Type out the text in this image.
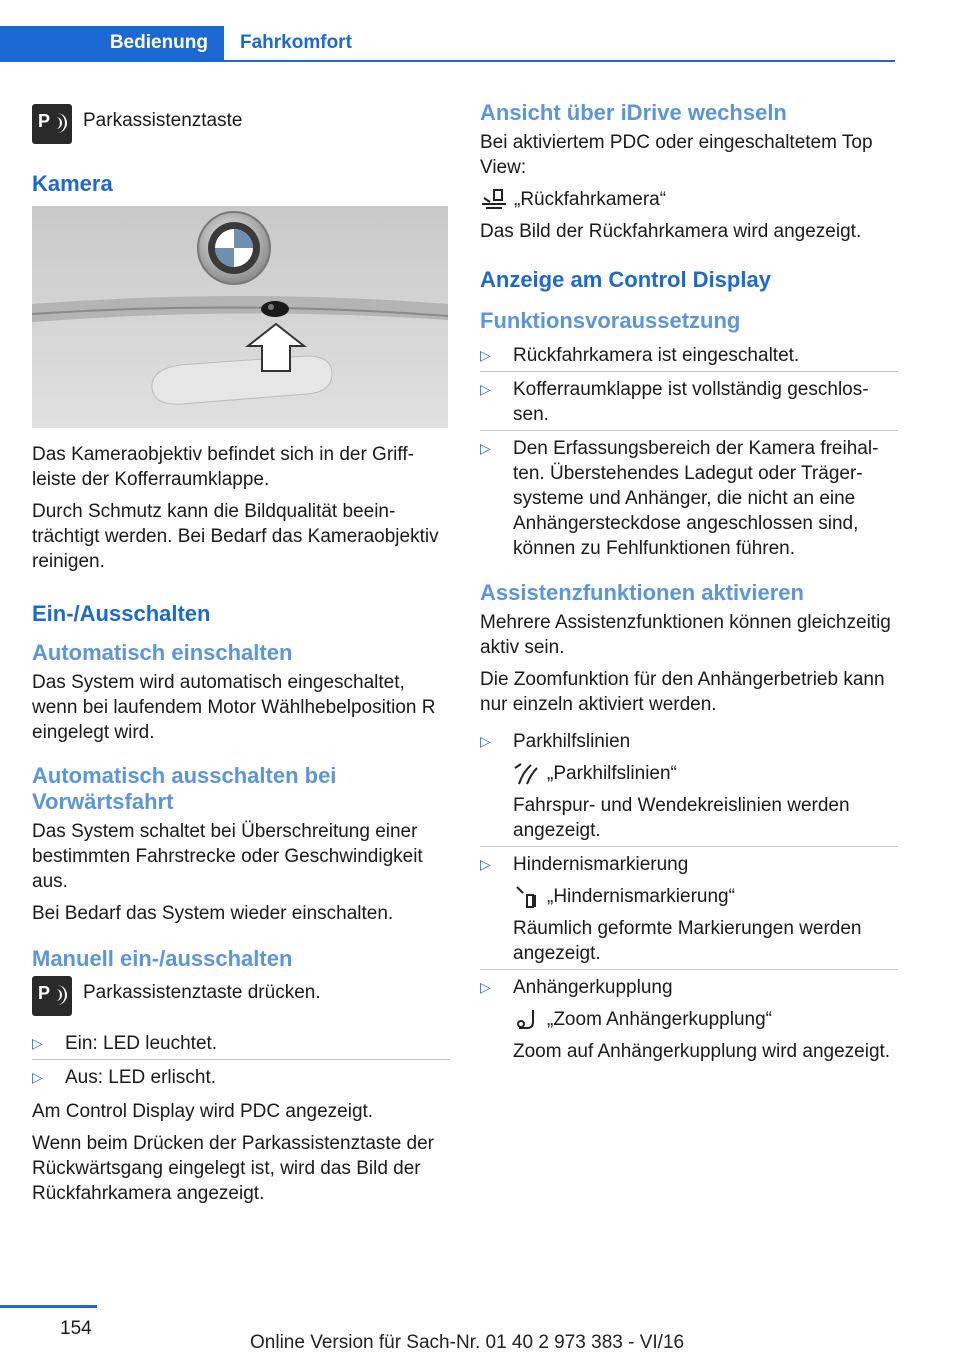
Bedienung	Fahrkomfort
P Parkassistenztaste
Kamera

Das Kameraobjektiv befindet sich in der Griffleiste der Kofferraumklappe.

Durch Schmutz kann die Bildqualität beeinträchtigt werden. Bei Bedarf das Kameraobjektiv reinigen.

Ein-/Ausschalten
Automatisch einschalten

Das System wird automatisch eingeschaltet, wenn bei laufendem Motor Wählhebelposition R eingelegt wird.

Automatisch ausschalten bei Vorwärtsfahrt

Das System schaltet bei Überschreitung einer bestimmten Fahrstrecke oder Geschwindigkeit aus.

Bei Bedarf das System wieder einschalten.

Manuell ein-/ausschalten
P Parkassistenztaste drücken.
▷	Ein: LED leuchtet.
▷	Aus: LED erlischt.

Am Control Display wird PDC angezeigt.

Wenn beim Drücken der Parkassistenztaste der Rückwärtsgang eingelegt ist, wird das Bild der Rückfahrkamera angezeigt.

Ansicht über iDrive wechseln

Bei aktiviertem PDC oder eingeschaltetem Top View:

„Rückfahrkamera“

Das Bild der Rückfahrkamera wird angezeigt.

Anzeige am Control Display
Funktionsvoraussetzung
▷	Rückfahrkamera ist eingeschaltet.
▷	Kofferraumklappe ist vollständig geschlossen.
▷	Den Erfassungsbereich der Kamera freihalten. Überstehendes Ladegut oder Trägersysteme und Anhänger, die nicht an eine Anhängersteckdose angeschlossen sind, können zu Fehlfunktionen führen.
Assistenzfunktionen aktivieren

Mehrere Assistenzfunktionen können gleichzeitig aktiv sein.

Die Zoomfunktion für den Anhängerbetrieb kann nur einzeln aktiviert werden.

▷	Parkhilfslinien

„Parkhilfslinien“

Fahrspur- und Wendekreislinien werden angezeigt.

▷	Hindernismarkierung

„Hindernismarkierung“

Räumlich geformte Markierungen werden angezeigt.

▷	Anhängerkupplung

„Zoom Anhängerkupplung“

Zoom auf Anhängerkupplung wird angezeigt.

154
Online Version für Sach-Nr. 01 40 2 973 383 - VI/16
